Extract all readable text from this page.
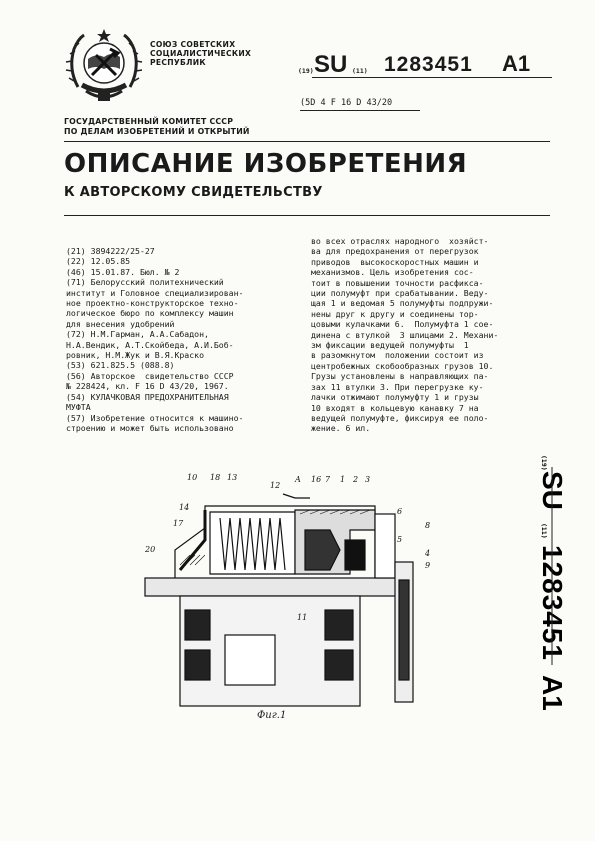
СОЮЗ СОВЕТСКИХ
СОЦИАЛИСТИЧЕСКИХ
РЕСПУБЛИК
(19) SU (11) 1283451 A1
(5D 4 F 16 D 43/20
ГОСУДАРСТВЕННЫЙ КОМИТЕТ СССР
ПО ДЕЛАМ ИЗОБРЕТЕНИЙ И ОТКРЫТИЙ
ОПИСАНИЕ ИЗОБРЕТЕНИЯ
К АВТОРСКОМУ СВИДЕТЕЛЬСТВУ
(21) 3894222/25-27
(22) 12.05.85
(46) 15.01.87. Бюл. № 2
(71) Белорусский политехнический
институт и Головное специализирован-
ное проектно-конструкторское техно-
логическое бюро по комплексу машин
для внесения удобрений
(72) Н.М.Гарман, А.А.Сабадон,
Н.А.Вендик, А.Т.Скойбеда, А.И.Боб-
ровник, Н.М.Жук и В.Я.Краско
(53) 621.825.5 (088.8)
(56) Авторское  свидетельство СССР
№ 228424, кл. F 16 D 43/20, 1967.
(54) КУЛАЧКОВАЯ ПРЕДОХРАНИТЕЛЬНАЯ
МУФТА
(57) Изобретение относится к машино-
строению и может быть использовано
во всех отраслях народного  хозяйст-
ва для предохранения от перегрузок
приводов  высокоскоростных машин и
механизмов. Цель изобретения сос-
тоит в повышении точности расфикса-
ции полумуфт при срабатывании. Веду-
щая 1 и ведомая 5 полумуфты подпружи-
нены друг к другу и соединены тор-
цовыми кулачками 6.  Полумуфта 1 сое-
динена с втулкой  3 шлицами 2. Механи-
зм фиксации ведущей полумуфты  1
в разомкнутом  положении состоит из
центробежных скобообразных грузов 10.
Грузы установлены в направляющих па-
зах 11 втулки 3. При перегрузке ку-
лачки отжимают полумуфту 1 и грузы
10 входят в кольцевую канавку 7 на
ведущей полумуфте, фиксируя ее поло-
жение. 6 ил.
(19)
SU
(11)
1283451
A1
10 18 13
12
A 16 7 1 2 3
14
17
6
8
20
5
4
9
11
Фиг.1
